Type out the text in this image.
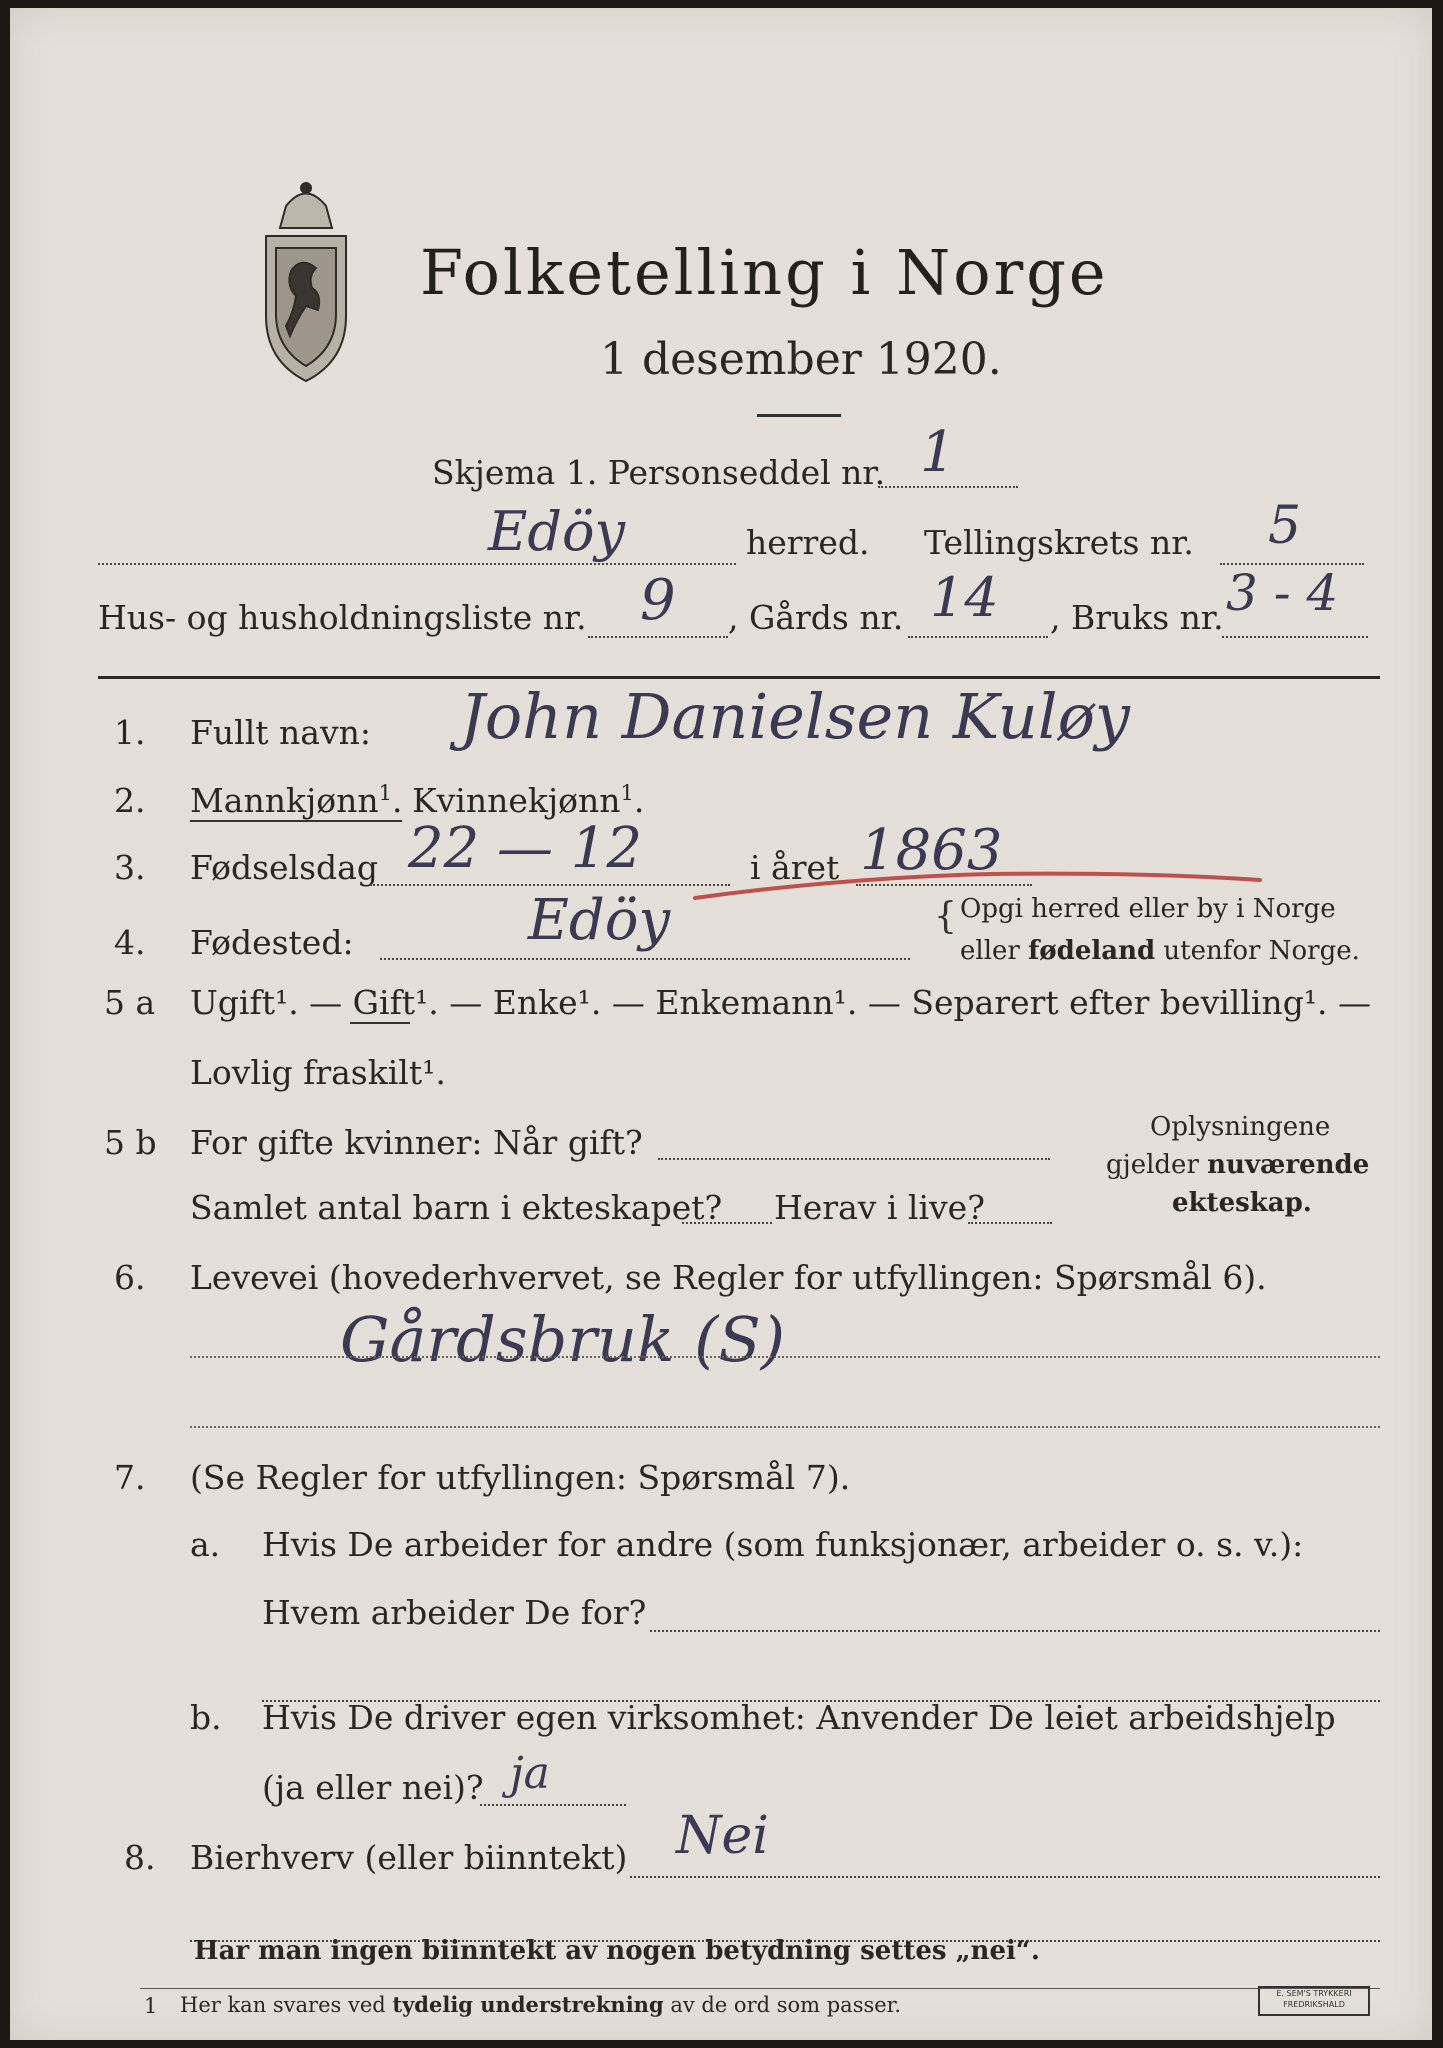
Folketelling i Norge
1 desember 1920.
Skjema 1. Personseddel nr. 1
Edöy	herred. Tellingskrets nr. 5
Hus- og husholdningsliste nr. 9 , Gårds nr. 14 , Bruks nr. 3 - 4
1. Fullt navn: John Danielsen Kuløy
2. Mannkjønn$^1$. Kvinnekjønn$^1$.
3. Fødselsdag 22 — 12	i året 1863
4. Fødested:	Edöy	{ Opgi herred eller by i Norge
eller fødeland utenfor Norge.
5 a Ugift¹. — Gift¹. — Enke¹. — Enkemann¹. — Separert efter bevilling¹. —
Lovlig fraskilt¹.
5 b For gifte kvinner: Når gift?
Samlet antal barn i ekteskapet? Herav i live?
Oplysningene
gjelder nuværende
ekteskap.
6. Levevei (hovederhvervet, se Regler for utfyllingen: Spørsmål 6).
Gårdsbruk (S)
7. (Se Regler for utfyllingen: Spørsmål 7).
a. Hvis De arbeider for andre (som funksjonær, arbeider o. s. v.):
Hvem arbeider De for?
b. Hvis De driver egen virksomhet: Anvender De leiet arbeidshjelp
(ja eller nei)? ja
8. Bierhverv (eller biinntekt) Nei
Har man ingen biinntekt av nogen betydning settes „nei“.
1 Her kan svares ved tydelig understrekning av de ord som passer.	E. SEM'S TRYKKERI
FREDRIKSHALD
